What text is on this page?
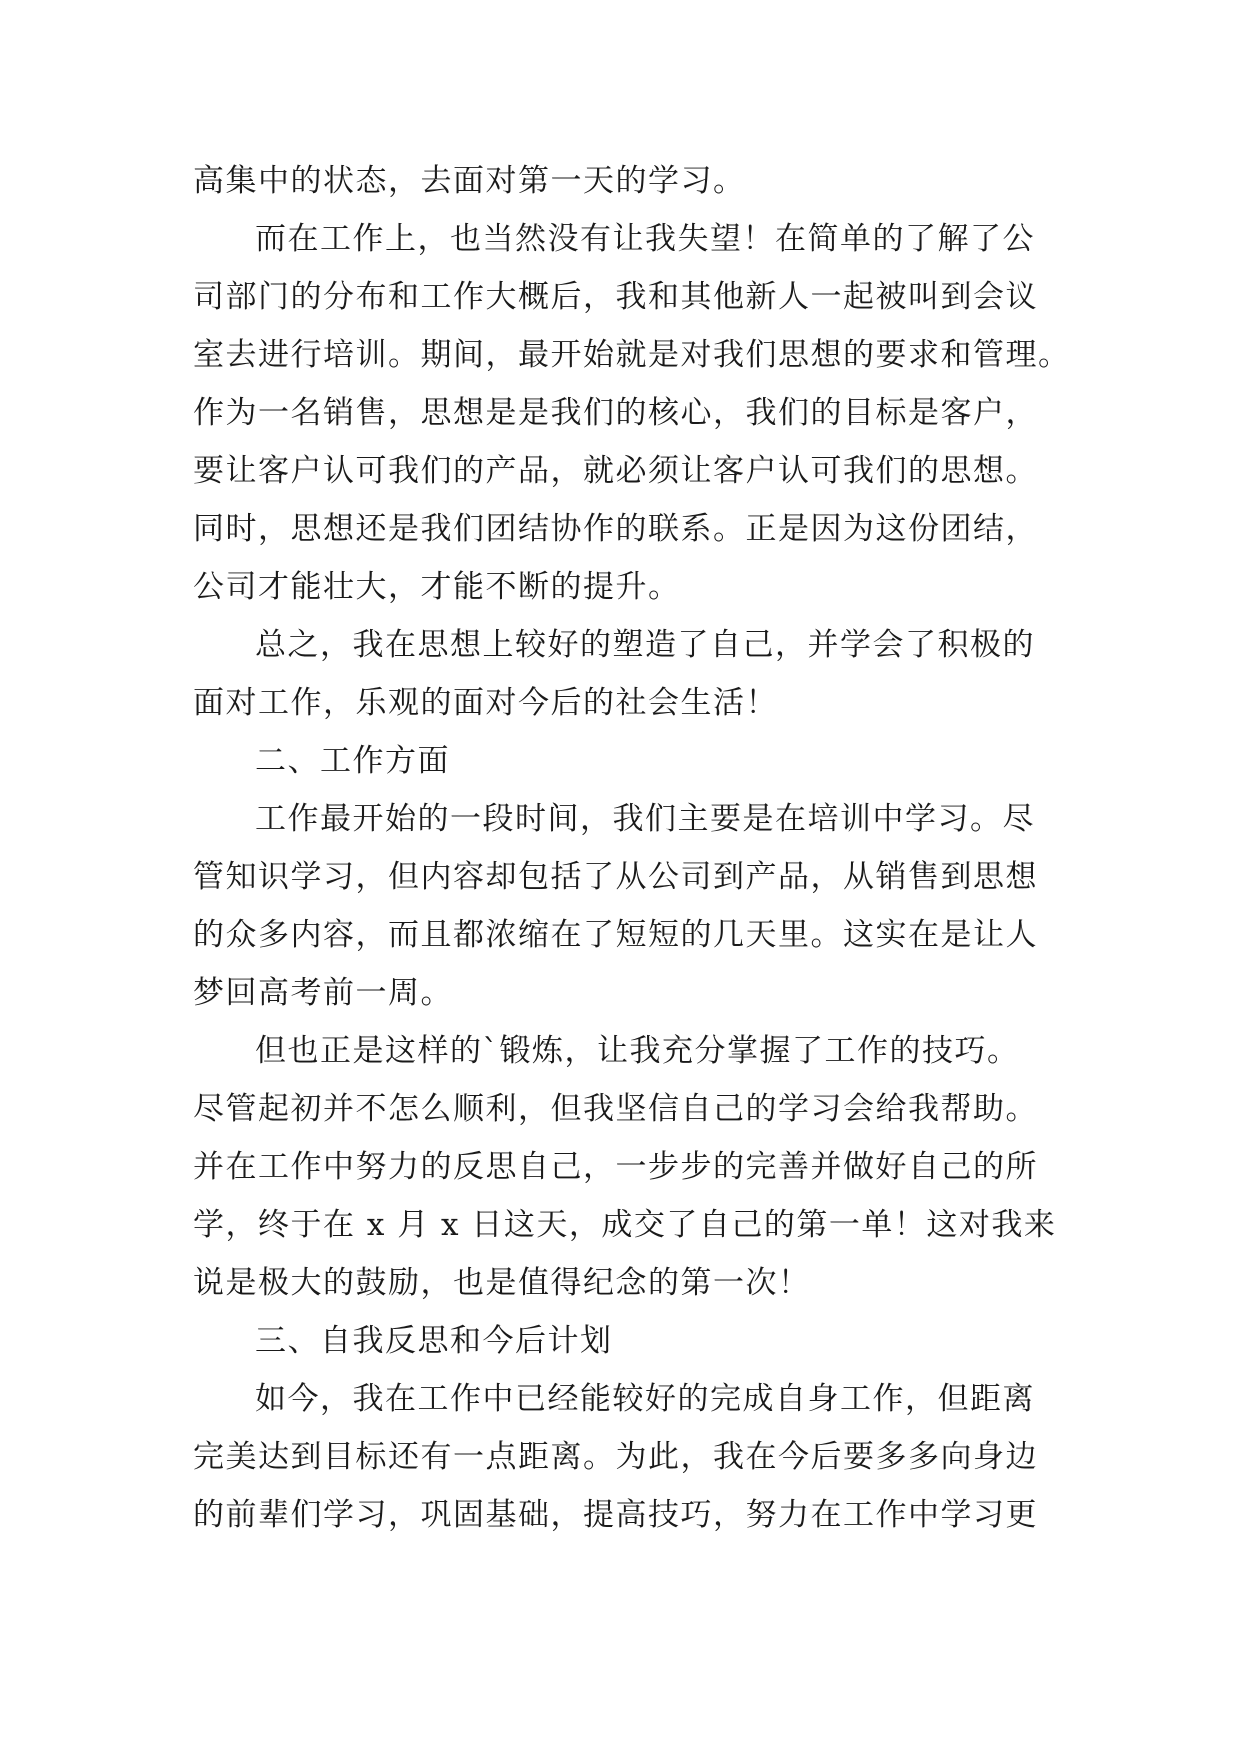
高集中的状态，去面对第一天的学习。
而在工作上，也当然没有让我失望！在简单的了解了公
司部门的分布和工作大概后，我和其他新人一起被叫到会议
室去进行培训。期间，最开始就是对我们思想的要求和管理。
作为一名销售，思想是是我们的核心，我们的目标是客户，
要让客户认可我们的产品，就必须让客户认可我们的思想。
同时，思想还是我们团结协作的联系。正是因为这份团结，
公司才能壮大，才能不断的提升。
总之，我在思想上较好的塑造了自己，并学会了积极的
面对工作，乐观的面对今后的社会生活！
二、工作方面
工作最开始的一段时间，我们主要是在培训中学习。尽
管知识学习，但内容却包括了从公司到产品，从销售到思想
的众多内容，而且都浓缩在了短短的几天里。这实在是让人
梦回高考前一周。
但也正是这样的`锻炼，让我充分掌握了工作的技巧。
尽管起初并不怎么顺利，但我坚信自己的学习会给我帮助。
并在工作中努力的反思自己，一步步的完善并做好自己的所
学，终于在 x 月 x 日这天，成交了自己的第一单！这对我来
说是极大的鼓励，也是值得纪念的第一次！
三、自我反思和今后计划
如今，我在工作中已经能较好的完成自身工作，但距离
完美达到目标还有一点距离。为此，我在今后要多多向身边
的前辈们学习，巩固基础，提高技巧，努力在工作中学习更
